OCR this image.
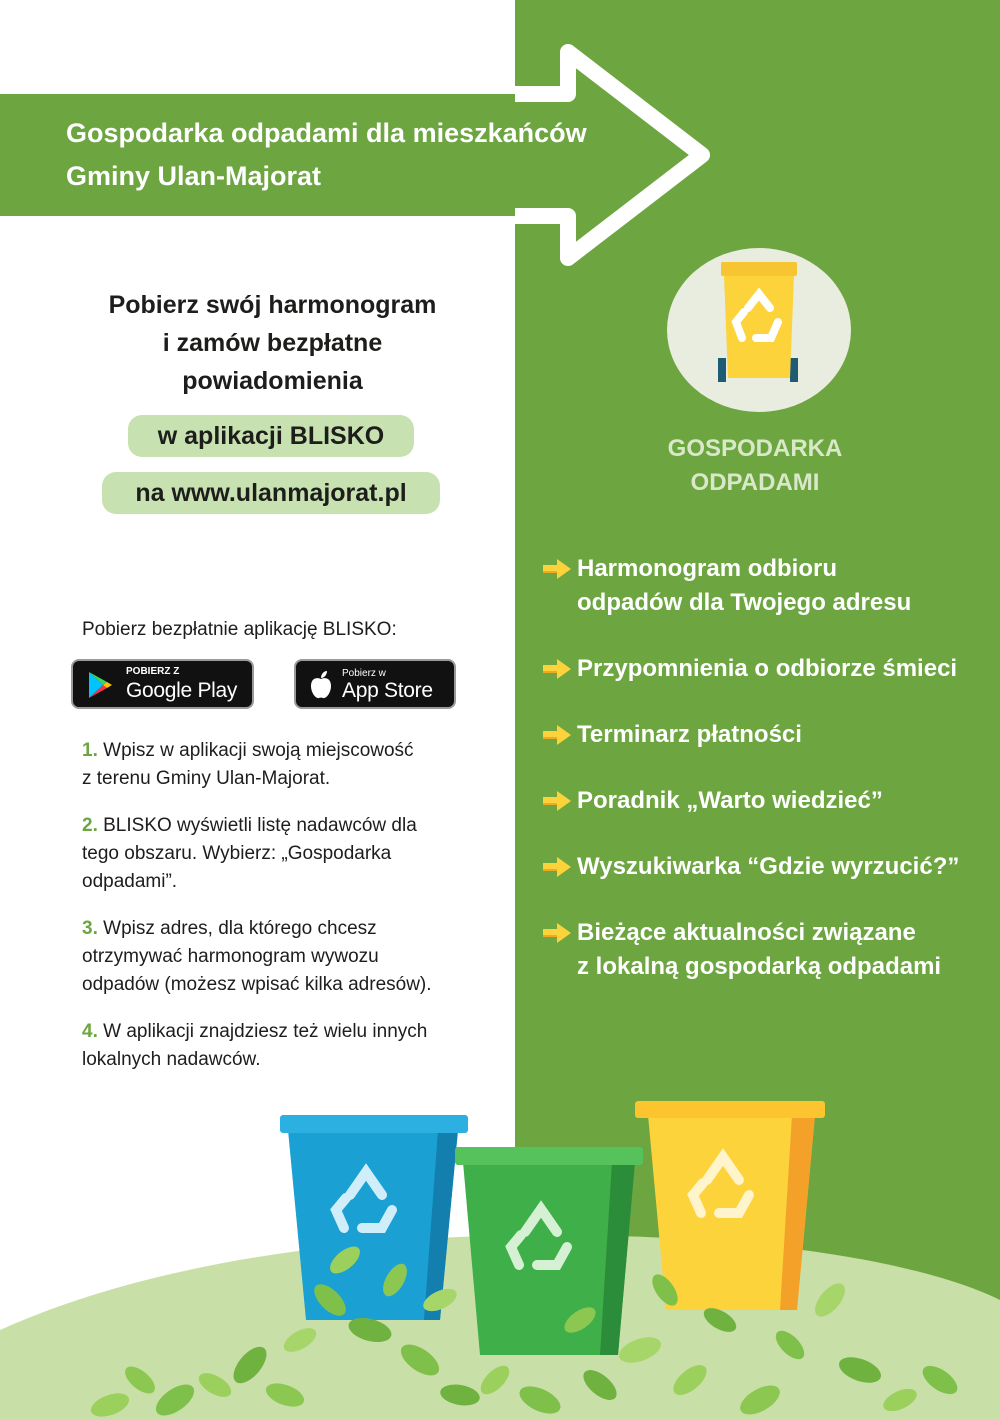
Gospodarka odpadami dla mieszkańców
Gminy Ulan-Majorat
Pobierz swój harmonogram
i zamów bezpłatne
powiadomienia
w aplikacji BLISKO
na www.ulanmajorat.pl
Pobierz bezpłatnie aplikację BLISKO:
POBIERZ Z
Google Play
Pobierz w
App Store
1. Wpisz w aplikacji swoją miejscowość
z terenu Gminy Ulan-Majorat.
2. BLISKO wyświetli listę nadawców dla
tego obszaru. Wybierz: „Gospodarka
odpadami”.
3. Wpisz adres, dla którego chcesz
otrzymywać harmonogram wywozu
odpadów (możesz wpisać kilka adresów).
4. W aplikacji znajdziesz też wielu innych
lokalnych nadawców.
GOSPODARKA
ODPADAMI
Harmonogram odbioru
odpadów dla Twojego adresu
Przypomnienia o odbiorze śmieci
Terminarz płatności
Poradnik „Warto wiedzieć”
Wyszukiwarka “Gdzie wyrzucić?”
Bieżące aktualności związane
z lokalną gospodarką odpadami
